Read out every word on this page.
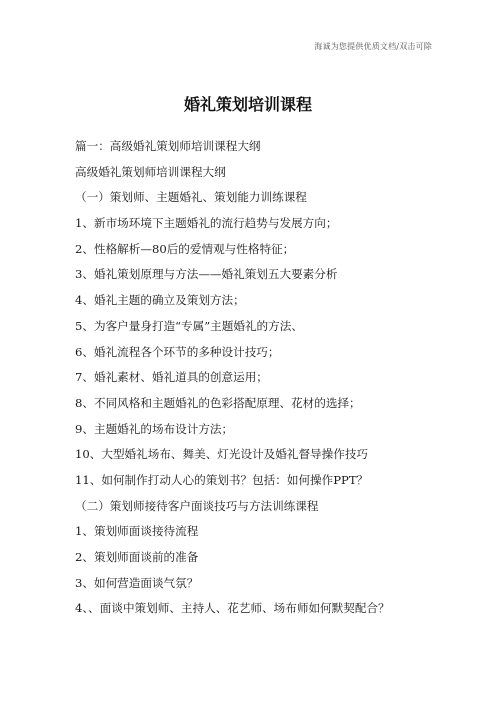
海诚为您提供优质文档/双击可除
婚礼策划培训课程
篇一：高级婚礼策划师培训课程大纲
高级婚礼策划师培训课程大纲
（一）策划师、主题婚礼、策划能力训练课程
1、新市场环境下主题婚礼的流行趋势与发展方向；
2、性格解析—80后的爱情观与性格特征；
3、婚礼策划原理与方法——婚礼策划五大要素分析
4、婚礼主题的确立及策划方法；
5、为客户量身打造“专属”主题婚礼的方法、
6、婚礼流程各个环节的多种设计技巧；
7、婚礼素材、婚礼道具的创意运用；
8、不同风格和主题婚礼的色彩搭配原理、花材的选择；
9、主题婚礼的场布设计方法；
10、大型婚礼场布、舞美、灯光设计及婚礼督导操作技巧
11、如何制作打动人心的策划书？包括：如何操作PPT？
（二）策划师接待客户面谈技巧与方法训练课程
1、策划师面谈接待流程
2、策划师面谈前的准备
3、如何营造面谈气氛？
4、、面谈中策划师、主持人、花艺师、场布师如何默契配合？
